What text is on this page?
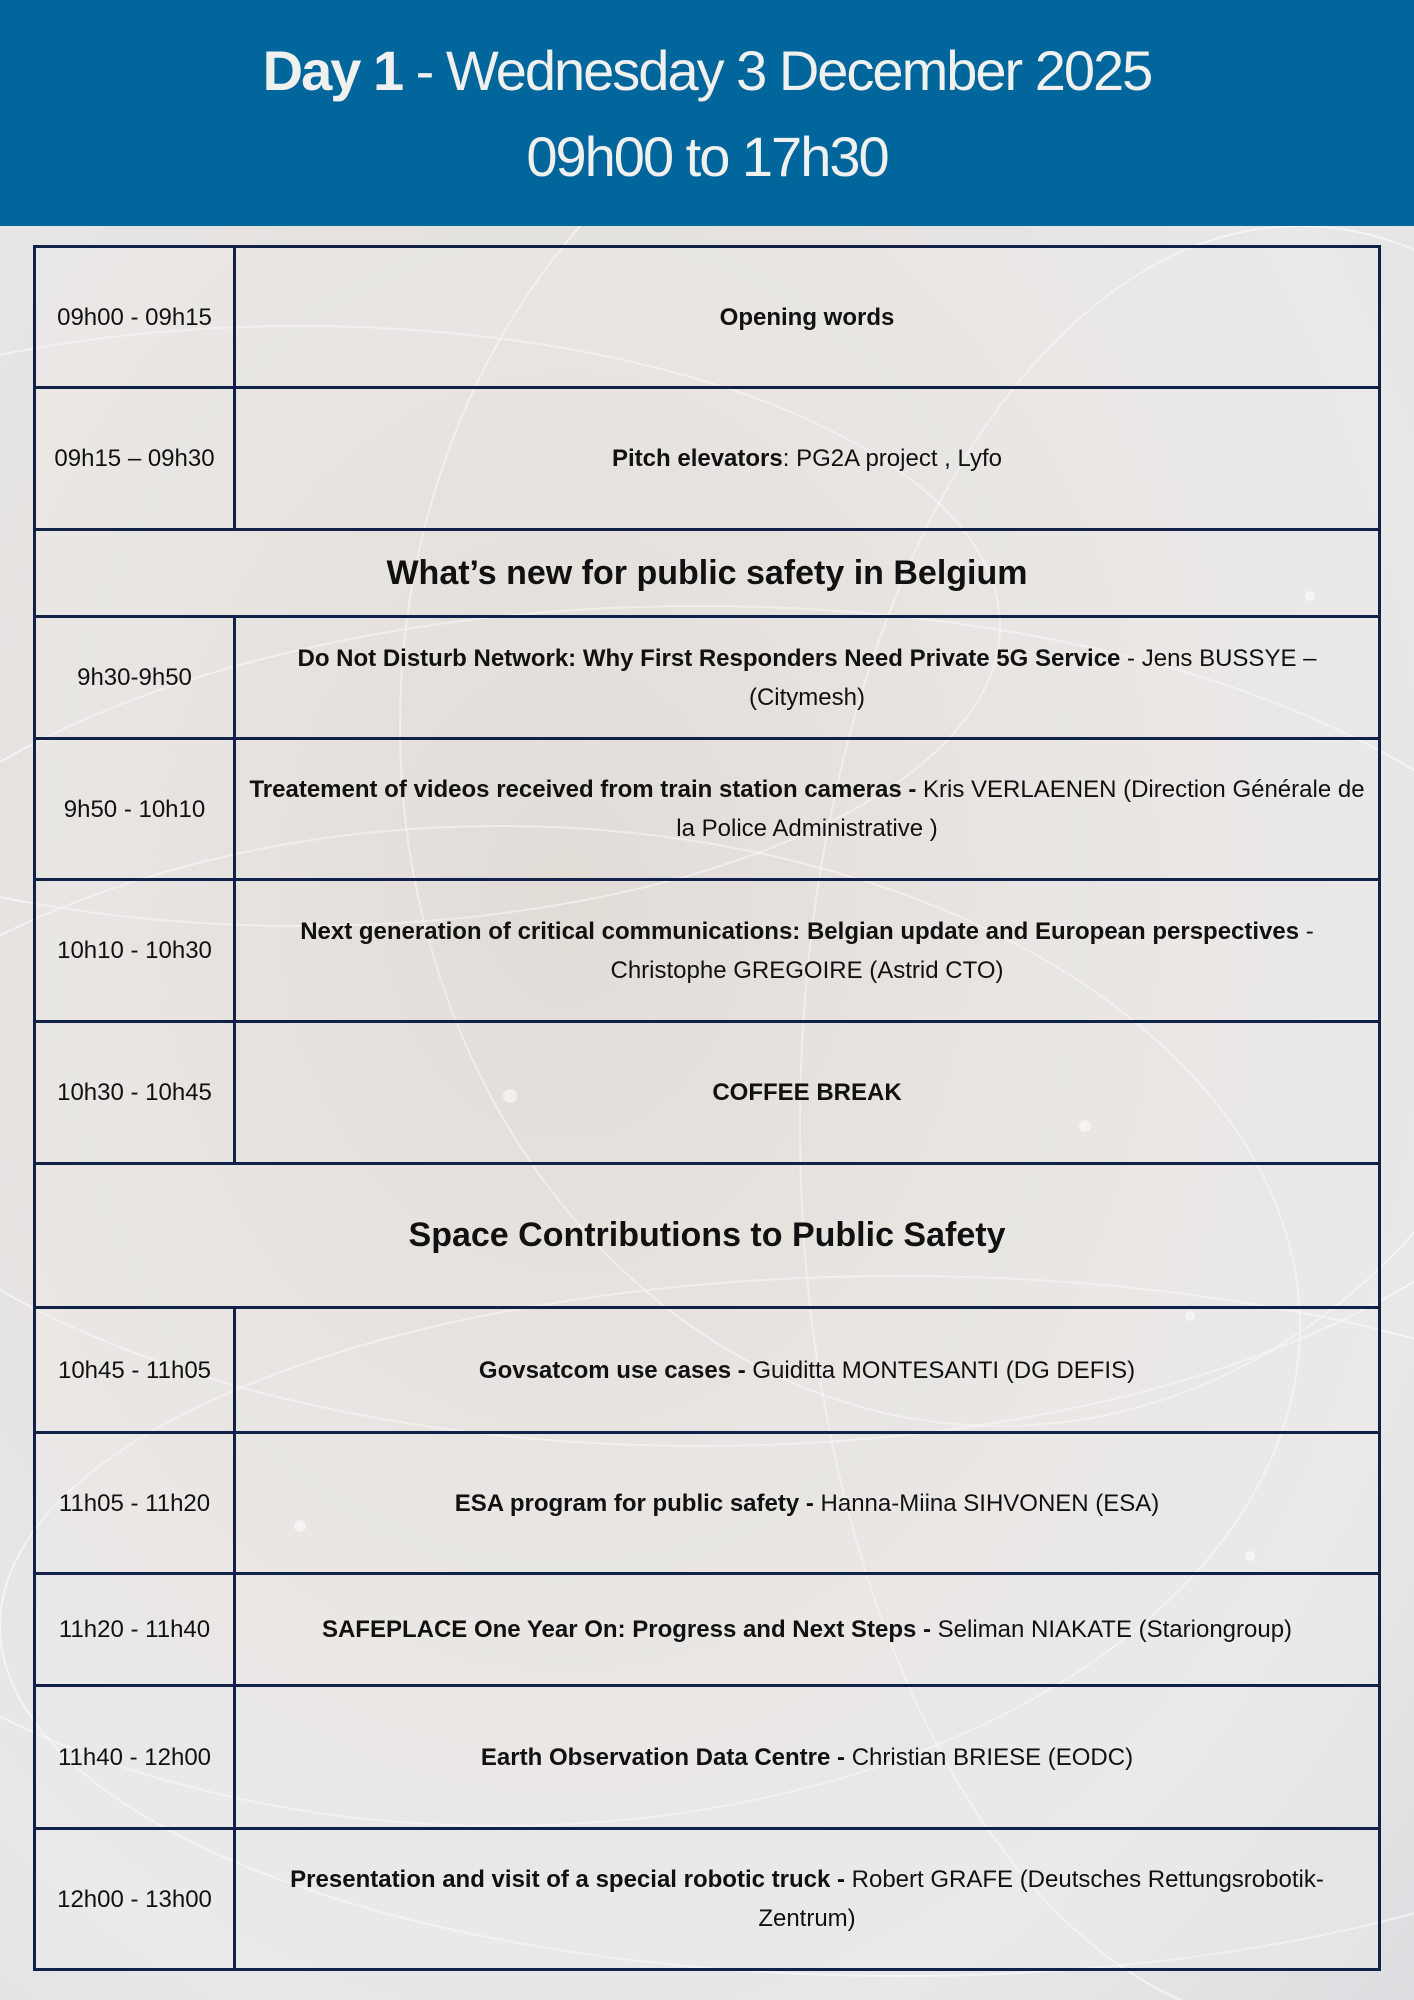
Day 1 - Wednesday 3 December 2025
09h00 to 17h30
09h00 - 09h15	Opening words
09h15 – 09h30	Pitch elevators: PG2A project , Lyfo
What’s new for public safety in Belgium	
9h30-9h50	Do Not Disturb Network: Why First Responders Need Private 5G Service - Jens BUSSYE – (Citymesh)
9h50 - 10h10	Treatement of videos received from train station cameras - Kris VERLAENEN (Direction Générale de la Police Administrative )
10h10 - 10h30	Next generation of critical communications: Belgian update and European perspectives - Christophe GREGOIRE (Astrid CTO)
10h30 - 10h45	COFFEE BREAK
Space Contributions to Public Safety	
10h45 - 11h05	Govsatcom use cases - Guiditta MONTESANTI (DG DEFIS)
11h05 - 11h20	ESA program for public safety - Hanna-Miina SIHVONEN (ESA)
11h20 - 11h40	SAFEPLACE One Year On: Progress and Next Steps - Seliman NIAKATE (Stariongroup)
11h40 - 12h00	Earth Observation Data Centre - Christian BRIESE (EODC)
12h00 - 13h00	Presentation and visit of a special robotic truck - Robert GRAFE (Deutsches Rettungsrobotik-Zentrum)
